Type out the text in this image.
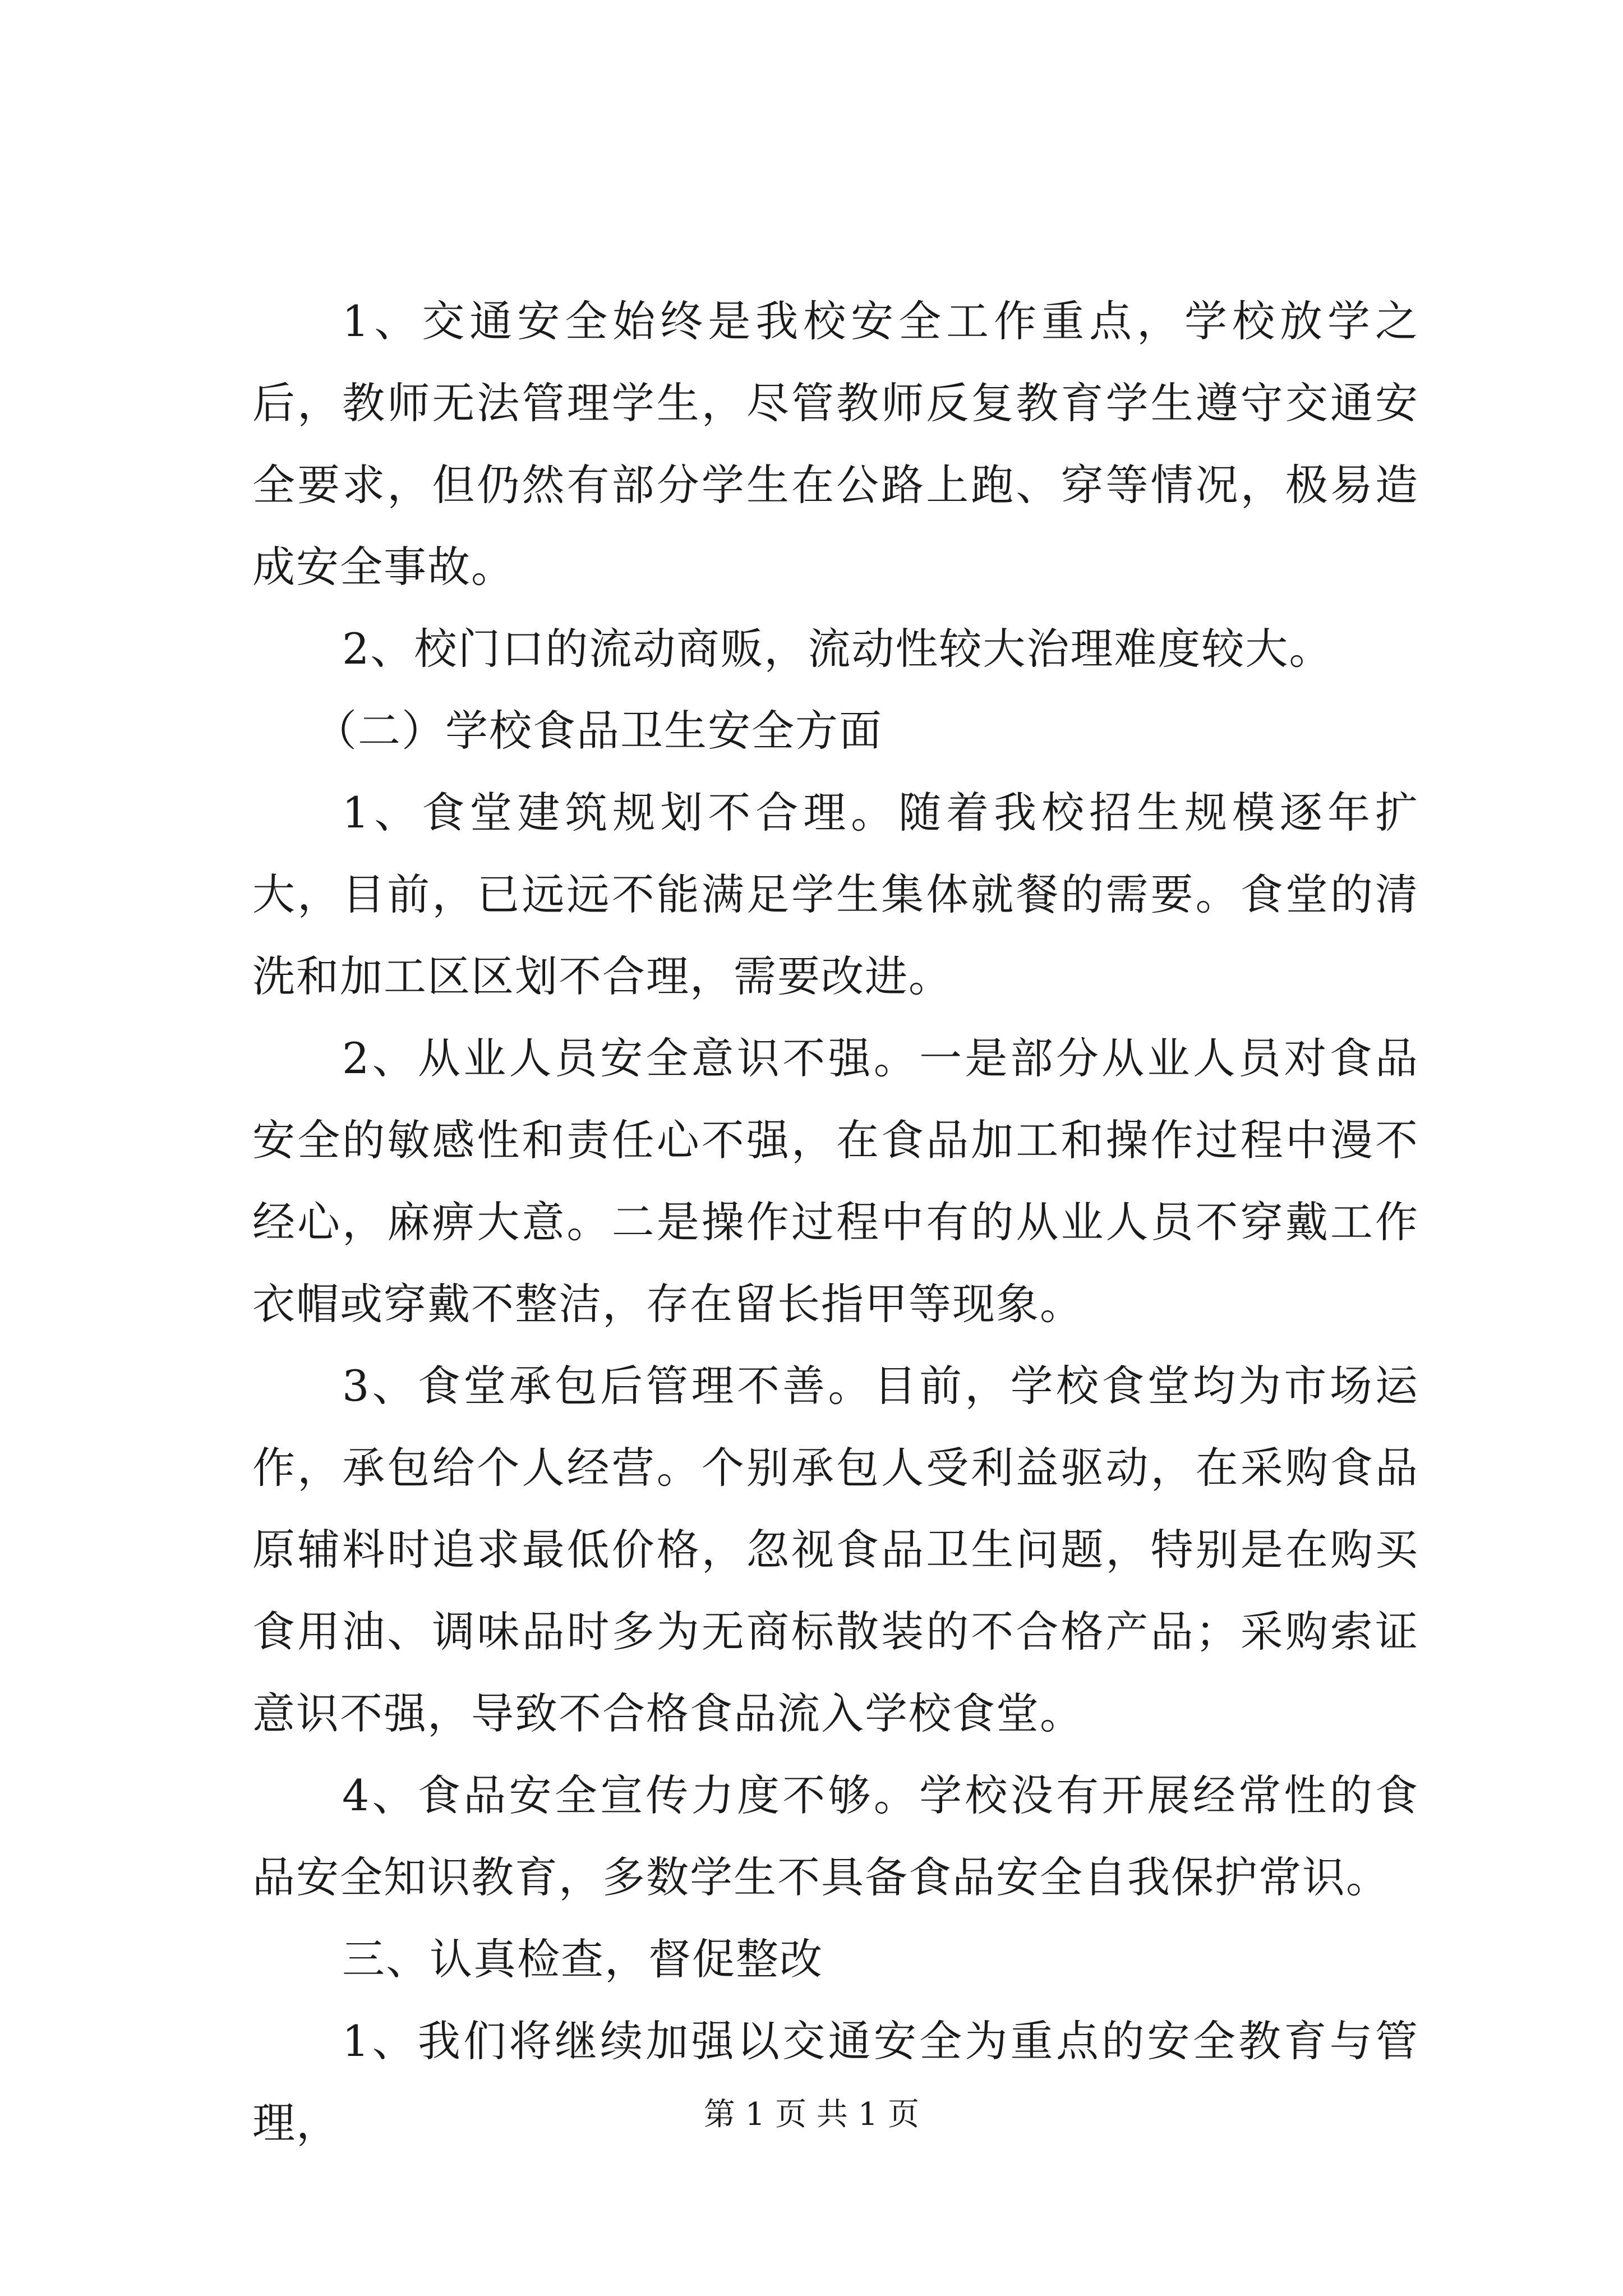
1、交通安全始终是我校安全工作重点，学校放学之后，教师无法管理学生，尽管教师反复教育学生遵守交通安全要求，但仍然有部分学生在公路上跑、穿等情况，极易造成安全事故。

2、校门口的流动商贩，流动性较大治理难度较大。

（二）学校食品卫生安全方面

1、食堂建筑规划不合理。随着我校招生规模逐年扩大，目前，已远远不能满足学生集体就餐的需要。食堂的清洗和加工区区划不合理，需要改进。

2、从业人员安全意识不强。一是部分从业人员对食品安全的敏感性和责任心不强，在食品加工和操作过程中漫不经心，麻痹大意。二是操作过程中有的从业人员不穿戴工作衣帽或穿戴不整洁，存在留长指甲等现象。

3、食堂承包后管理不善。目前，学校食堂均为市场运作，承包给个人经营。个别承包人受利益驱动，在采购食品原辅料时追求最低价格，忽视食品卫生问题，特别是在购买食用油、调味品时多为无商标散装的不合格产品；采购索证意识不强，导致不合格食品流入学校食堂。

4、食品安全宣传力度不够。学校没有开展经常性的食品安全知识教育，多数学生不具备食品安全自我保护常识。

三、认真检查，督促整改

1、我们将继续加强以交通安全为重点的安全教育与管理，	第 1 页 共 1 页
